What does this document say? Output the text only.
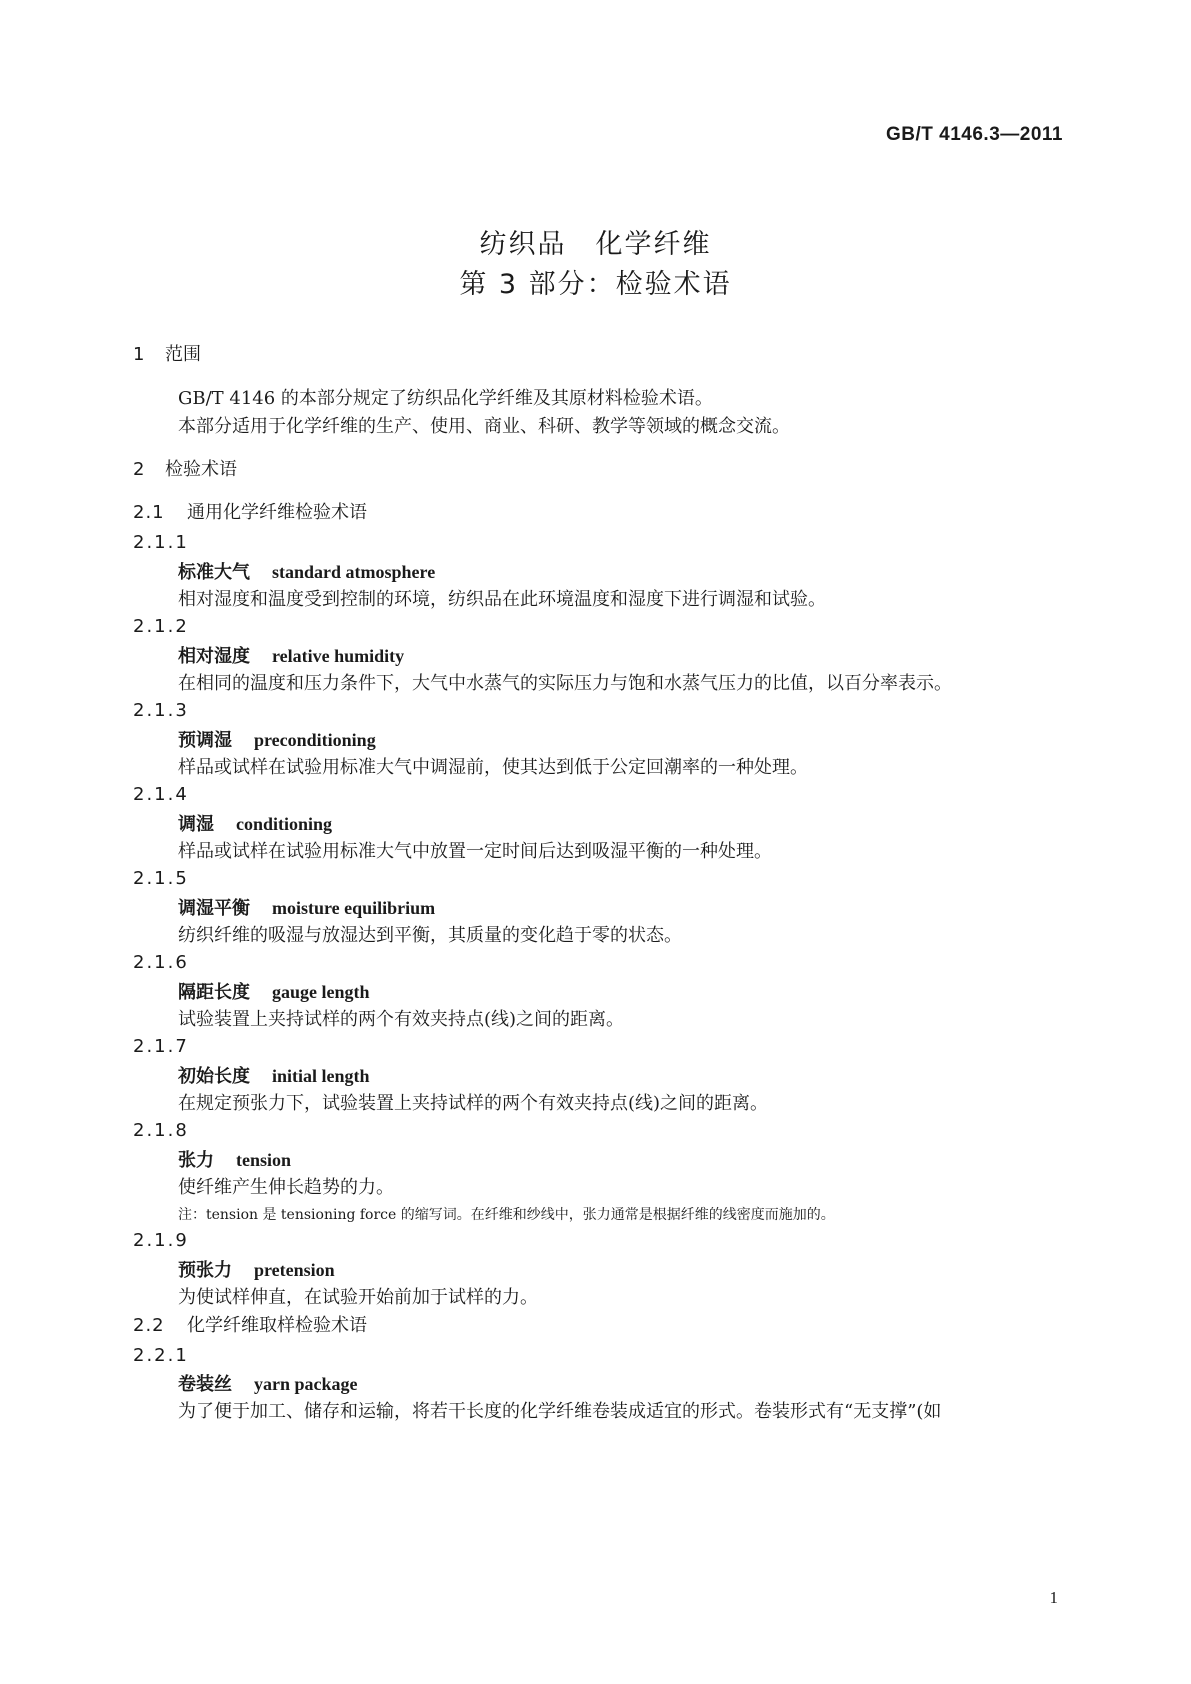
GB/T 4146.3—2011
纺织品　化学纤维
第 3 部分：检验术语
1 范围
GB/T 4146 的本部分规定了纺织品化学纤维及其原材料检验术语。
本部分适用于化学纤维的生产、使用、商业、科研、教学等领域的概念交流。
2 检验术语
2.1 通用化学纤维检验术语
2.1.1
标准大气 standard atmosphere
相对湿度和温度受到控制的环境，纺织品在此环境温度和湿度下进行调湿和试验。
2.1.2
相对湿度 relative humidity
在相同的温度和压力条件下，大气中水蒸气的实际压力与饱和水蒸气压力的比值，以百分率表示。
2.1.3
预调湿 preconditioning
样品或试样在试验用标准大气中调湿前，使其达到低于公定回潮率的一种处理。
2.1.4
调湿 conditioning
样品或试样在试验用标准大气中放置一定时间后达到吸湿平衡的一种处理。
2.1.5
调湿平衡 moisture equilibrium
纺织纤维的吸湿与放湿达到平衡，其质量的变化趋于零的状态。
2.1.6
隔距长度 gauge length
试验装置上夹持试样的两个有效夹持点(线)之间的距离。
2.1.7
初始长度 initial length
在规定预张力下，试验装置上夹持试样的两个有效夹持点(线)之间的距离。
2.1.8
张力 tension
使纤维产生伸长趋势的力。
注：tension 是 tensioning force 的缩写词。在纤维和纱线中，张力通常是根据纤维的线密度而施加的。
2.1.9
预张力 pretension
为使试样伸直，在试验开始前加于试样的力。
2.2 化学纤维取样检验术语
2.2.1
卷装丝 yarn package
为了便于加工、储存和运输，将若干长度的化学纤维卷装成适宜的形式。卷装形式有“无支撑”(如
1
